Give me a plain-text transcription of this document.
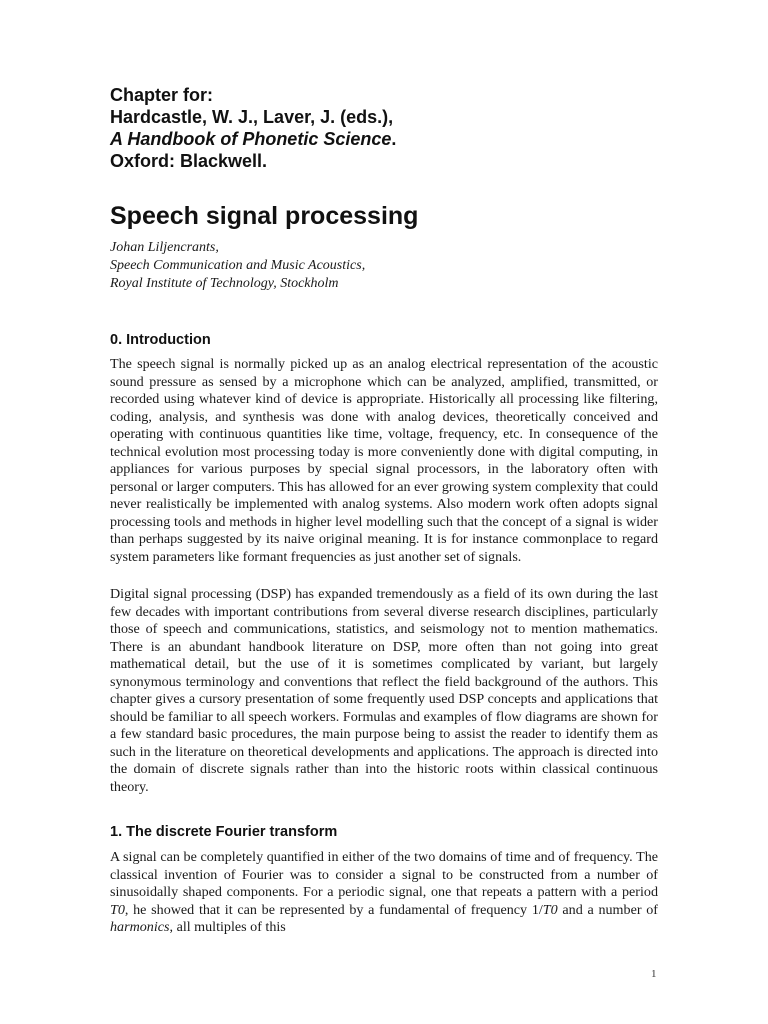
Chapter for:
Hardcastle, W. J., Laver, J. (eds.),
A Handbook of Phonetic Science.
Oxford: Blackwell.
Speech signal processing
Johan Liljencrants,
Speech Communication and Music Acoustics,
Royal Institute of Technology, Stockholm
0. Introduction

The speech signal is normally picked up as an analog electrical representation of the acoustic sound pressure as sensed by a microphone which can be analyzed, amplified, transmitted, or recorded using whatever kind of device is appropriate. Historically all processing like filtering, coding, analysis, and synthesis was done with analog devices, theoretically conceived and operating with continuous quantities like time, voltage, frequency, etc. In consequence of the technical evolution most processing today is more conveniently done with digital computing, in appliances for various purposes by special signal processors, in the laboratory often with personal or larger computers. This has allowed for an ever growing system complexity that could never realistically be implemented with analog systems. Also modern work often adopts signal processing tools and methods in higher level modelling such that the concept of a signal is wider than perhaps suggested by its naive original meaning. It is for instance commonplace to regard system parameters like formant frequencies as just another set of signals.

Digital signal processing (DSP) has expanded tremendously as a field of its own during the last few decades with important contributions from several diverse research disciplines, particularly those of speech and communications, statistics, and seismology not to mention mathematics. There is an abundant handbook literature on DSP, more often than not going into great mathematical detail, but the use of it is sometimes complicated by variant, but largely synonymous terminology and conventions that reflect the field background of the authors. This chapter gives a cursory presentation of some frequently used DSP concepts and applications that should be familiar to all speech workers. Formulas and examples of flow diagrams are shown for a few standard basic procedures, the main purpose being to assist the reader to identify them as such in the literature on theoretical developments and applications. The approach is directed into the domain of discrete signals rather than into the historic roots within classical continuous theory.

1. The discrete Fourier transform

A signal can be completely quantified in either of the two domains of time and of frequency. The classical invention of Fourier was to consider a signal to be constructed from a number of sinusoidally shaped components. For a periodic signal, one that repeats a pattern with a period T0, he showed that it can be represented by a fundamental of frequency 1/T0 and a number of harmonics, all multiples of this

1
